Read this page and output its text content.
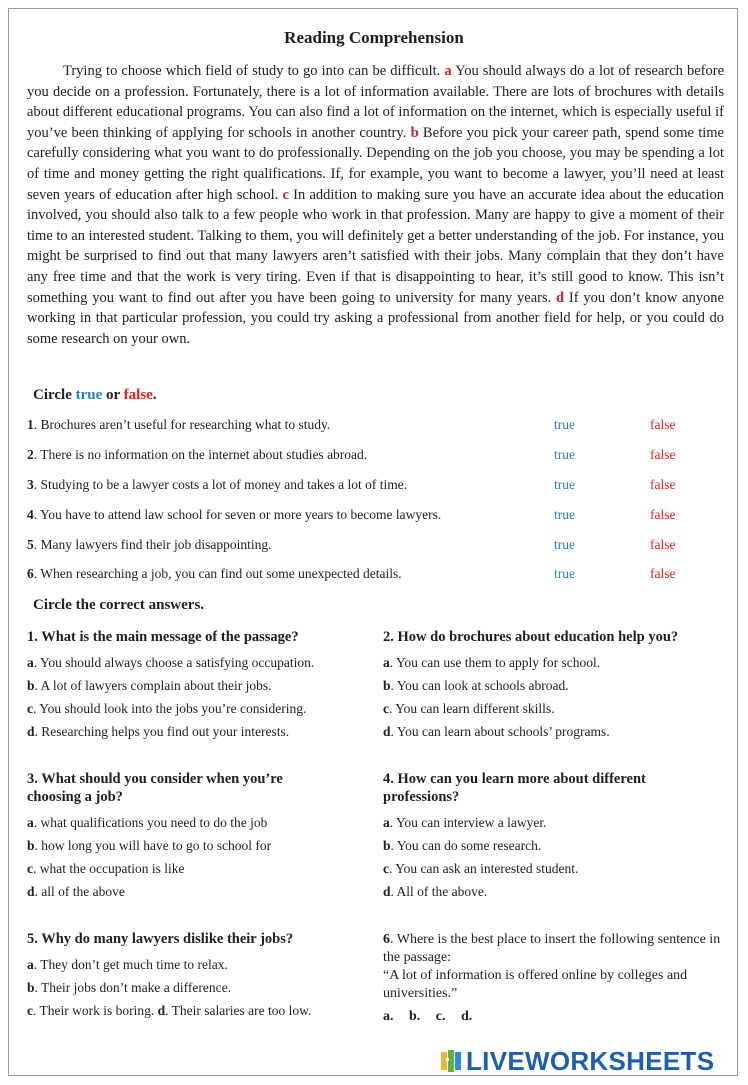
Reading Comprehension

Trying to choose which field of study to go into can be difficult. a You should always do a lot of research before you decide on a profession. Fortunately, there is a lot of information available. There are lots of brochures with details about different educational programs. You can also find a lot of information on the internet, which is especially useful if you’ve been thinking of applying for schools in another country. b Before you pick your career path, spend some time carefully considering what you want to do professionally. Depending on the job you choose, you may be spending a lot of time and money getting the right qualifications. If, for example, you want to become a lawyer, you’ll need at least seven years of education after high school. c In addition to making sure you have an accurate idea about the education involved, you should also talk to a few people who work in that profession. Many are happy to give a moment of their time to an interested student. Talking to them, you will definitely get a better understanding of the job. For instance, you might be surprised to find out that many lawyers aren’t satisfied with their jobs. Many complain that they don’t have any free time and that the work is very tiring. Even if that is disappointing to hear, it’s still good to know. This isn’t something you want to find out after you have been going to university for many years. d If you don’t know anyone working in that particular profession, you could try asking a professional from another field for help, or you could do some research on your own.

Circle true or false.
1. Brochures aren’t useful for researching what to study.	true	false
2. There is no information on the internet about studies abroad.	true	false
3. Studying to be a lawyer costs a lot of money and takes a lot of time.	true	false
4. You have to attend law school for seven or more years to become lawyers.	true	false
5. Many lawyers find their job disappointing.	true	false
6. When researching a job, you can find out some unexpected details.	true	false
Circle the correct answers.
1. What is the main message of the passage?
a. You should always choose a satisfying occupation.
b. A lot of lawyers complain about their jobs.
c. You should look into the jobs you’re considering.
d. Researching helps you find out your interests.
2. How do brochures about education help you?
a. You can use them to apply for school.
b. You can look at schools abroad.
c. You can learn different skills.
d. You can learn about schools’ programs.
3. What should you consider when you’re choosing a job?
a. what qualifications you need to do the job
b. how long you will have to go to school for
c. what the occupation is like
d. all of the above
4. How can you learn more about different professions?
a. You can interview a lawyer.
b. You can do some research.
c. You can ask an interested student.
d. All of the above.
5. Why do many lawyers dislike their jobs?
a. They don’t get much time to relax.
b. Their jobs don’t make a difference.
c. Their work is boring. d. Their salaries are too low.
6. Where is the best place to insert the following sentence in the passage:
“A lot of information is offered online by colleges and universities.”
a. b. c. d.
LIVEWORKSHEETS
